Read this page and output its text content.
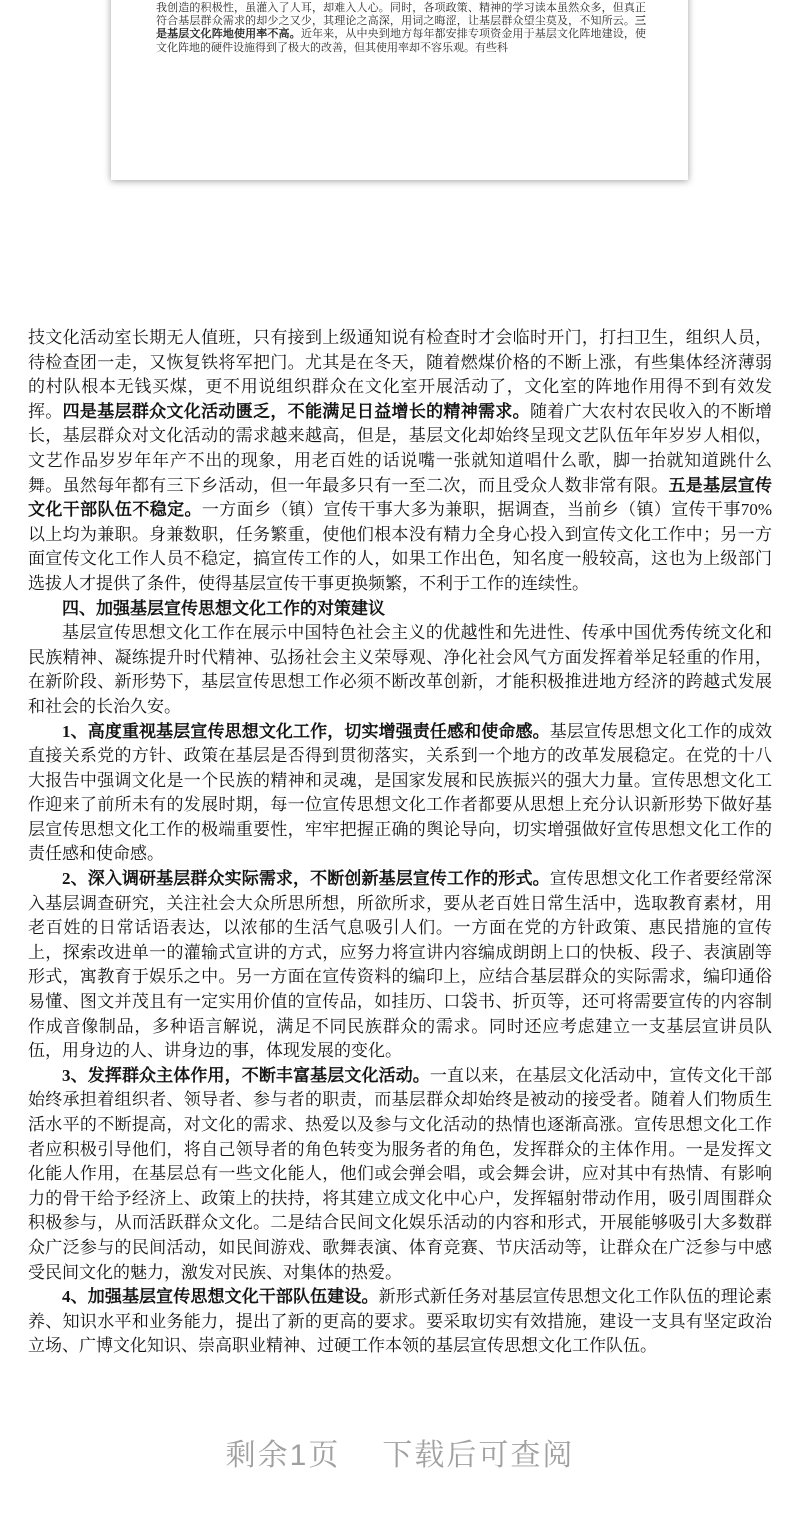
我创造的积极性，虽灌入了人耳，却难入人心。同时，各项政策、精神的学习读本虽然众多，但真正符合基层群众需求的却少之又少，其理论之高深，用词之晦涩，让基层群众望尘莫及，不知所云。三是基层文化阵地使用率不高。近年来，从中央到地方每年都安排专项资金用于基层文化阵地建设，使文化阵地的硬件设施得到了极大的改善，但其使用率却不容乐观。有些科

技文化活动室长期无人值班，只有接到上级通知说有检查时才会临时开门，打扫卫生，组织人员，待检查团一走，又恢复铁将军把门。尤其是在冬天，随着燃煤价格的不断上涨，有些集体经济薄弱的村队根本无钱买煤，更不用说组织群众在文化室开展活动了，文化室的阵地作用得不到有效发挥。四是基层群众文化活动匮乏，不能满足日益增长的精神需求。随着广大农村农民收入的不断增长，基层群众对文化活动的需求越来越高，但是，基层文化却始终呈现文艺队伍年年岁岁人相似，文艺作品岁岁年年产不出的现象，用老百姓的话说嘴一张就知道唱什么歌，脚一抬就知道跳什么舞。虽然每年都有三下乡活动，但一年最多只有一至二次，而且受众人数非常有限。五是基层宣传文化干部队伍不稳定。一方面乡（镇）宣传干事大多为兼职，据调查，当前乡（镇）宣传干事70%以上均为兼职。身兼数职，任务繁重，使他们根本没有精力全身心投入到宣传文化工作中；另一方面宣传文化工作人员不稳定，搞宣传工作的人，如果工作出色，知名度一般较高，这也为上级部门选拔人才提供了条件，使得基层宣传干事更换频繁，不利于工作的连续性。

四、加强基层宣传思想文化工作的对策建议

基层宣传思想文化工作在展示中国特色社会主义的优越性和先进性、传承中国优秀传统文化和民族精神、凝练提升时代精神、弘扬社会主义荣辱观、净化社会风气方面发挥着举足轻重的作用，在新阶段、新形势下，基层宣传思想工作必须不断改革创新，才能积极推进地方经济的跨越式发展和社会的长治久安。

1、高度重视基层宣传思想文化工作，切实增强责任感和使命感。基层宣传思想文化工作的成效直接关系党的方针、政策在基层是否得到贯彻落实，关系到一个地方的改革发展稳定。在党的十八大报告中强调文化是一个民族的精神和灵魂，是国家发展和民族振兴的强大力量。宣传思想文化工作迎来了前所未有的发展时期，每一位宣传思想文化工作者都要从思想上充分认识新形势下做好基层宣传思想文化工作的极端重要性，牢牢把握正确的舆论导向，切实增强做好宣传思想文化工作的责任感和使命感。

2、深入调研基层群众实际需求，不断创新基层宣传工作的形式。宣传思想文化工作者要经常深入基层调查研究，关注社会大众所思所想，所欲所求，要从老百姓日常生活中，选取教育素材，用老百姓的日常话语表达，以浓郁的生活气息吸引人们。一方面在党的方针政策、惠民措施的宣传上，探索改进单一的灌输式宣讲的方式，应努力将宣讲内容编成朗朗上口的快板、段子、表演剧等形式，寓教育于娱乐之中。另一方面在宣传资料的编印上，应结合基层群众的实际需求，编印通俗易懂、图文并茂且有一定实用价值的宣传品，如挂历、口袋书、折页等，还可将需要宣传的内容制作成音像制品，多种语言解说，满足不同民族群众的需求。同时还应考虑建立一支基层宣讲员队伍，用身边的人、讲身边的事，体现发展的变化。

3、发挥群众主体作用，不断丰富基层文化活动。一直以来，在基层文化活动中，宣传文化干部始终承担着组织者、领导者、参与者的职责，而基层群众却始终是被动的接受者。随着人们物质生活水平的不断提高，对文化的需求、热爱以及参与文化活动的热情也逐渐高涨。宣传思想文化工作者应积极引导他们，将自己领导者的角色转变为服务者的角色，发挥群众的主体作用。一是发挥文化能人作用，在基层总有一些文化能人，他们或会弹会唱，或会舞会讲，应对其中有热情、有影响力的骨干给予经济上、政策上的扶持，将其建立成文化中心户，发挥辐射带动作用，吸引周围群众积极参与，从而活跃群众文化。二是结合民间文化娱乐活动的内容和形式，开展能够吸引大多数群众广泛参与的民间活动，如民间游戏、歌舞表演、体育竞赛、节庆活动等，让群众在广泛参与中感受民间文化的魅力，激发对民族、对集体的热爱。

4、加强基层宣传思想文化干部队伍建设。新形式新任务对基层宣传思想文化工作队伍的理论素养、知识水平和业务能力，提出了新的更高的要求。要采取切实有效措施，建设一支具有坚定政治立场、广博文化知识、崇高职业精神、过硬工作本领的基层宣传思想文化工作队伍。

剩余1页 下载后可查阅
